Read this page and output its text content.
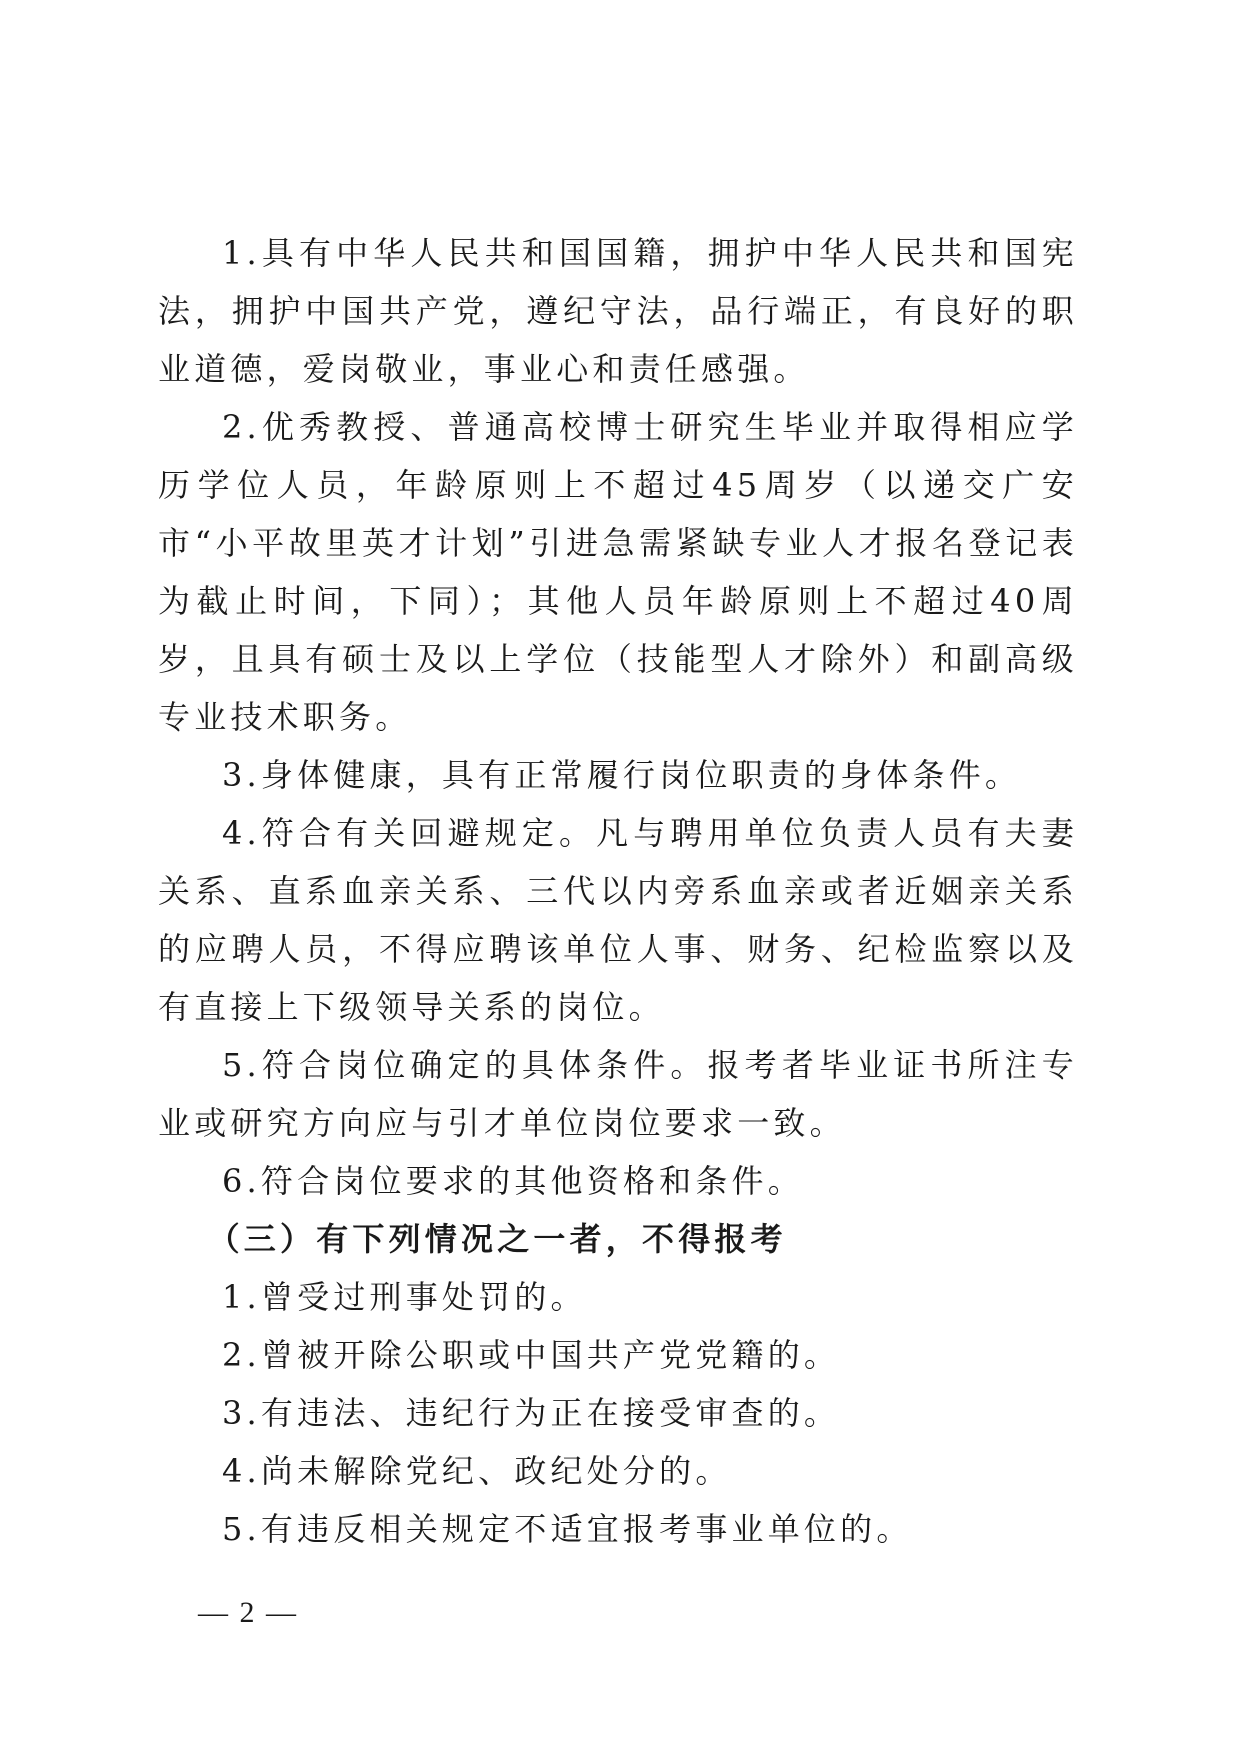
1.具有中华人民共和国国籍，拥护中华人民共和国宪法，拥护中国共产党，遵纪守法，品行端正，有良好的职业道德，爱岗敬业，事业心和责任感强。

2.优秀教授、普通高校博士研究生毕业并取得相应学历学位人员，年龄原则上不超过45周岁（以递交广安市“小平故里英才计划”引进急需紧缺专业人才报名登记表为截止时间，下同）；其他人员年龄原则上不超过40周岁，且具有硕士及以上学位（技能型人才除外）和副高级专业技术职务。

3.身体健康，具有正常履行岗位职责的身体条件。

4.符合有关回避规定。凡与聘用单位负责人员有夫妻关系、直系血亲关系、三代以内旁系血亲或者近姻亲关系的应聘人员，不得应聘该单位人事、财务、纪检监察以及有直接上下级领导关系的岗位。

5.符合岗位确定的具体条件。报考者毕业证书所注专业或研究方向应与引才单位岗位要求一致。

6.符合岗位要求的其他资格和条件。

（三）有下列情况之一者，不得报考

1.曾受过刑事处罚的。

2.曾被开除公职或中国共产党党籍的。

3.有违法、违纪行为正在接受审查的。

4.尚未解除党纪、政纪处分的。

5.有违反相关规定不适宜报考事业单位的。

— 2 —
